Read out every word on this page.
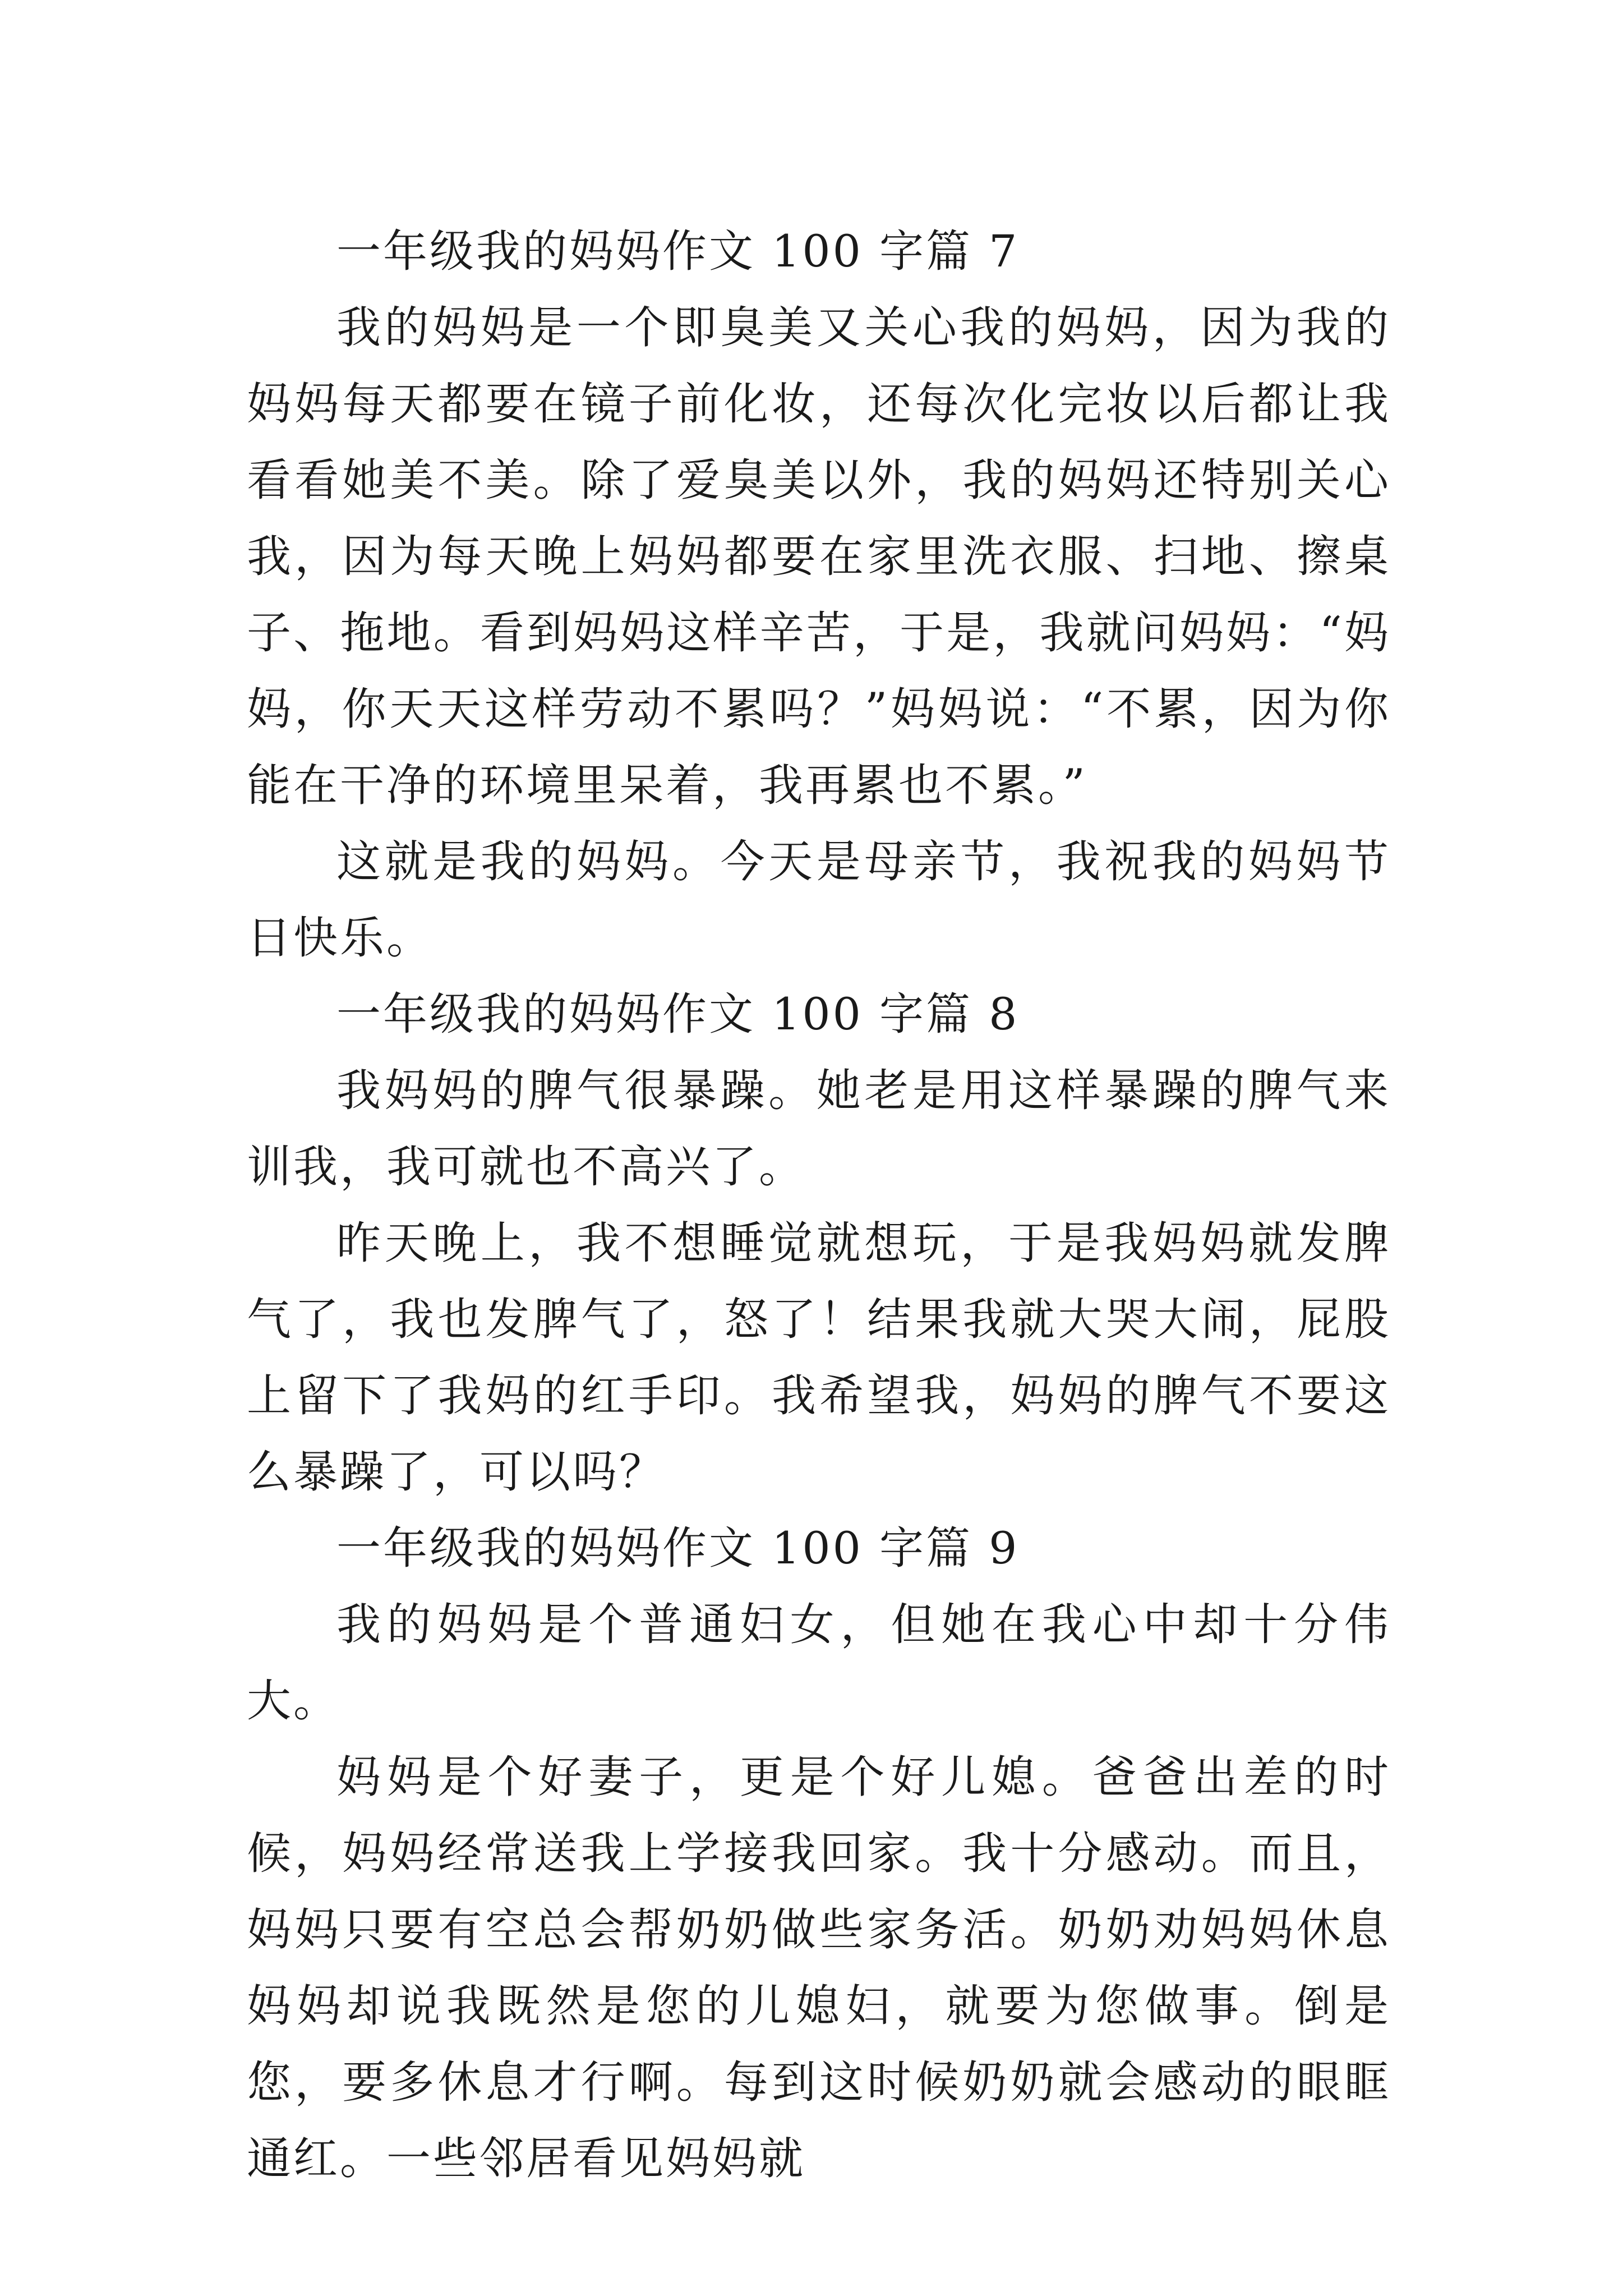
一年级我的妈妈作文 100 字篇 7

我的妈妈是一个即臭美又关心我的妈妈，因为我的妈妈每天都要在镜子前化妆，还每次化完妆以后都让我看看她美不美。除了爱臭美以外，我的妈妈还特别关心我，因为每天晚上妈妈都要在家里洗衣服、扫地、擦桌子、拖地。看到妈妈这样辛苦，于是，我就问妈妈：“妈妈，你天天这样劳动不累吗？”妈妈说：“不累，因为你能在干净的环境里呆着，我再累也不累。”

这就是我的妈妈。今天是母亲节，我祝我的妈妈节日快乐。

一年级我的妈妈作文 100 字篇 8

我妈妈的脾气很暴躁。她老是用这样暴躁的脾气来训我，我可就也不高兴了。

昨天晚上，我不想睡觉就想玩，于是我妈妈就发脾气了，我也发脾气了，怒了！结果我就大哭大闹，屁股上留下了我妈的红手印。我希望我，妈妈的脾气不要这么暴躁了，可以吗？

一年级我的妈妈作文 100 字篇 9

我的妈妈是个普通妇女，但她在我心中却十分伟大。

妈妈是个好妻子，更是个好儿媳。爸爸出差的时候，妈妈经常送我上学接我回家。我十分感动。而且，妈妈只要有空总会帮奶奶做些家务活。奶奶劝妈妈休息妈妈却说我既然是您的儿媳妇，就要为您做事。倒是您，要多休息才行啊。每到这时候奶奶就会感动的眼眶通红。一些邻居看见妈妈就
